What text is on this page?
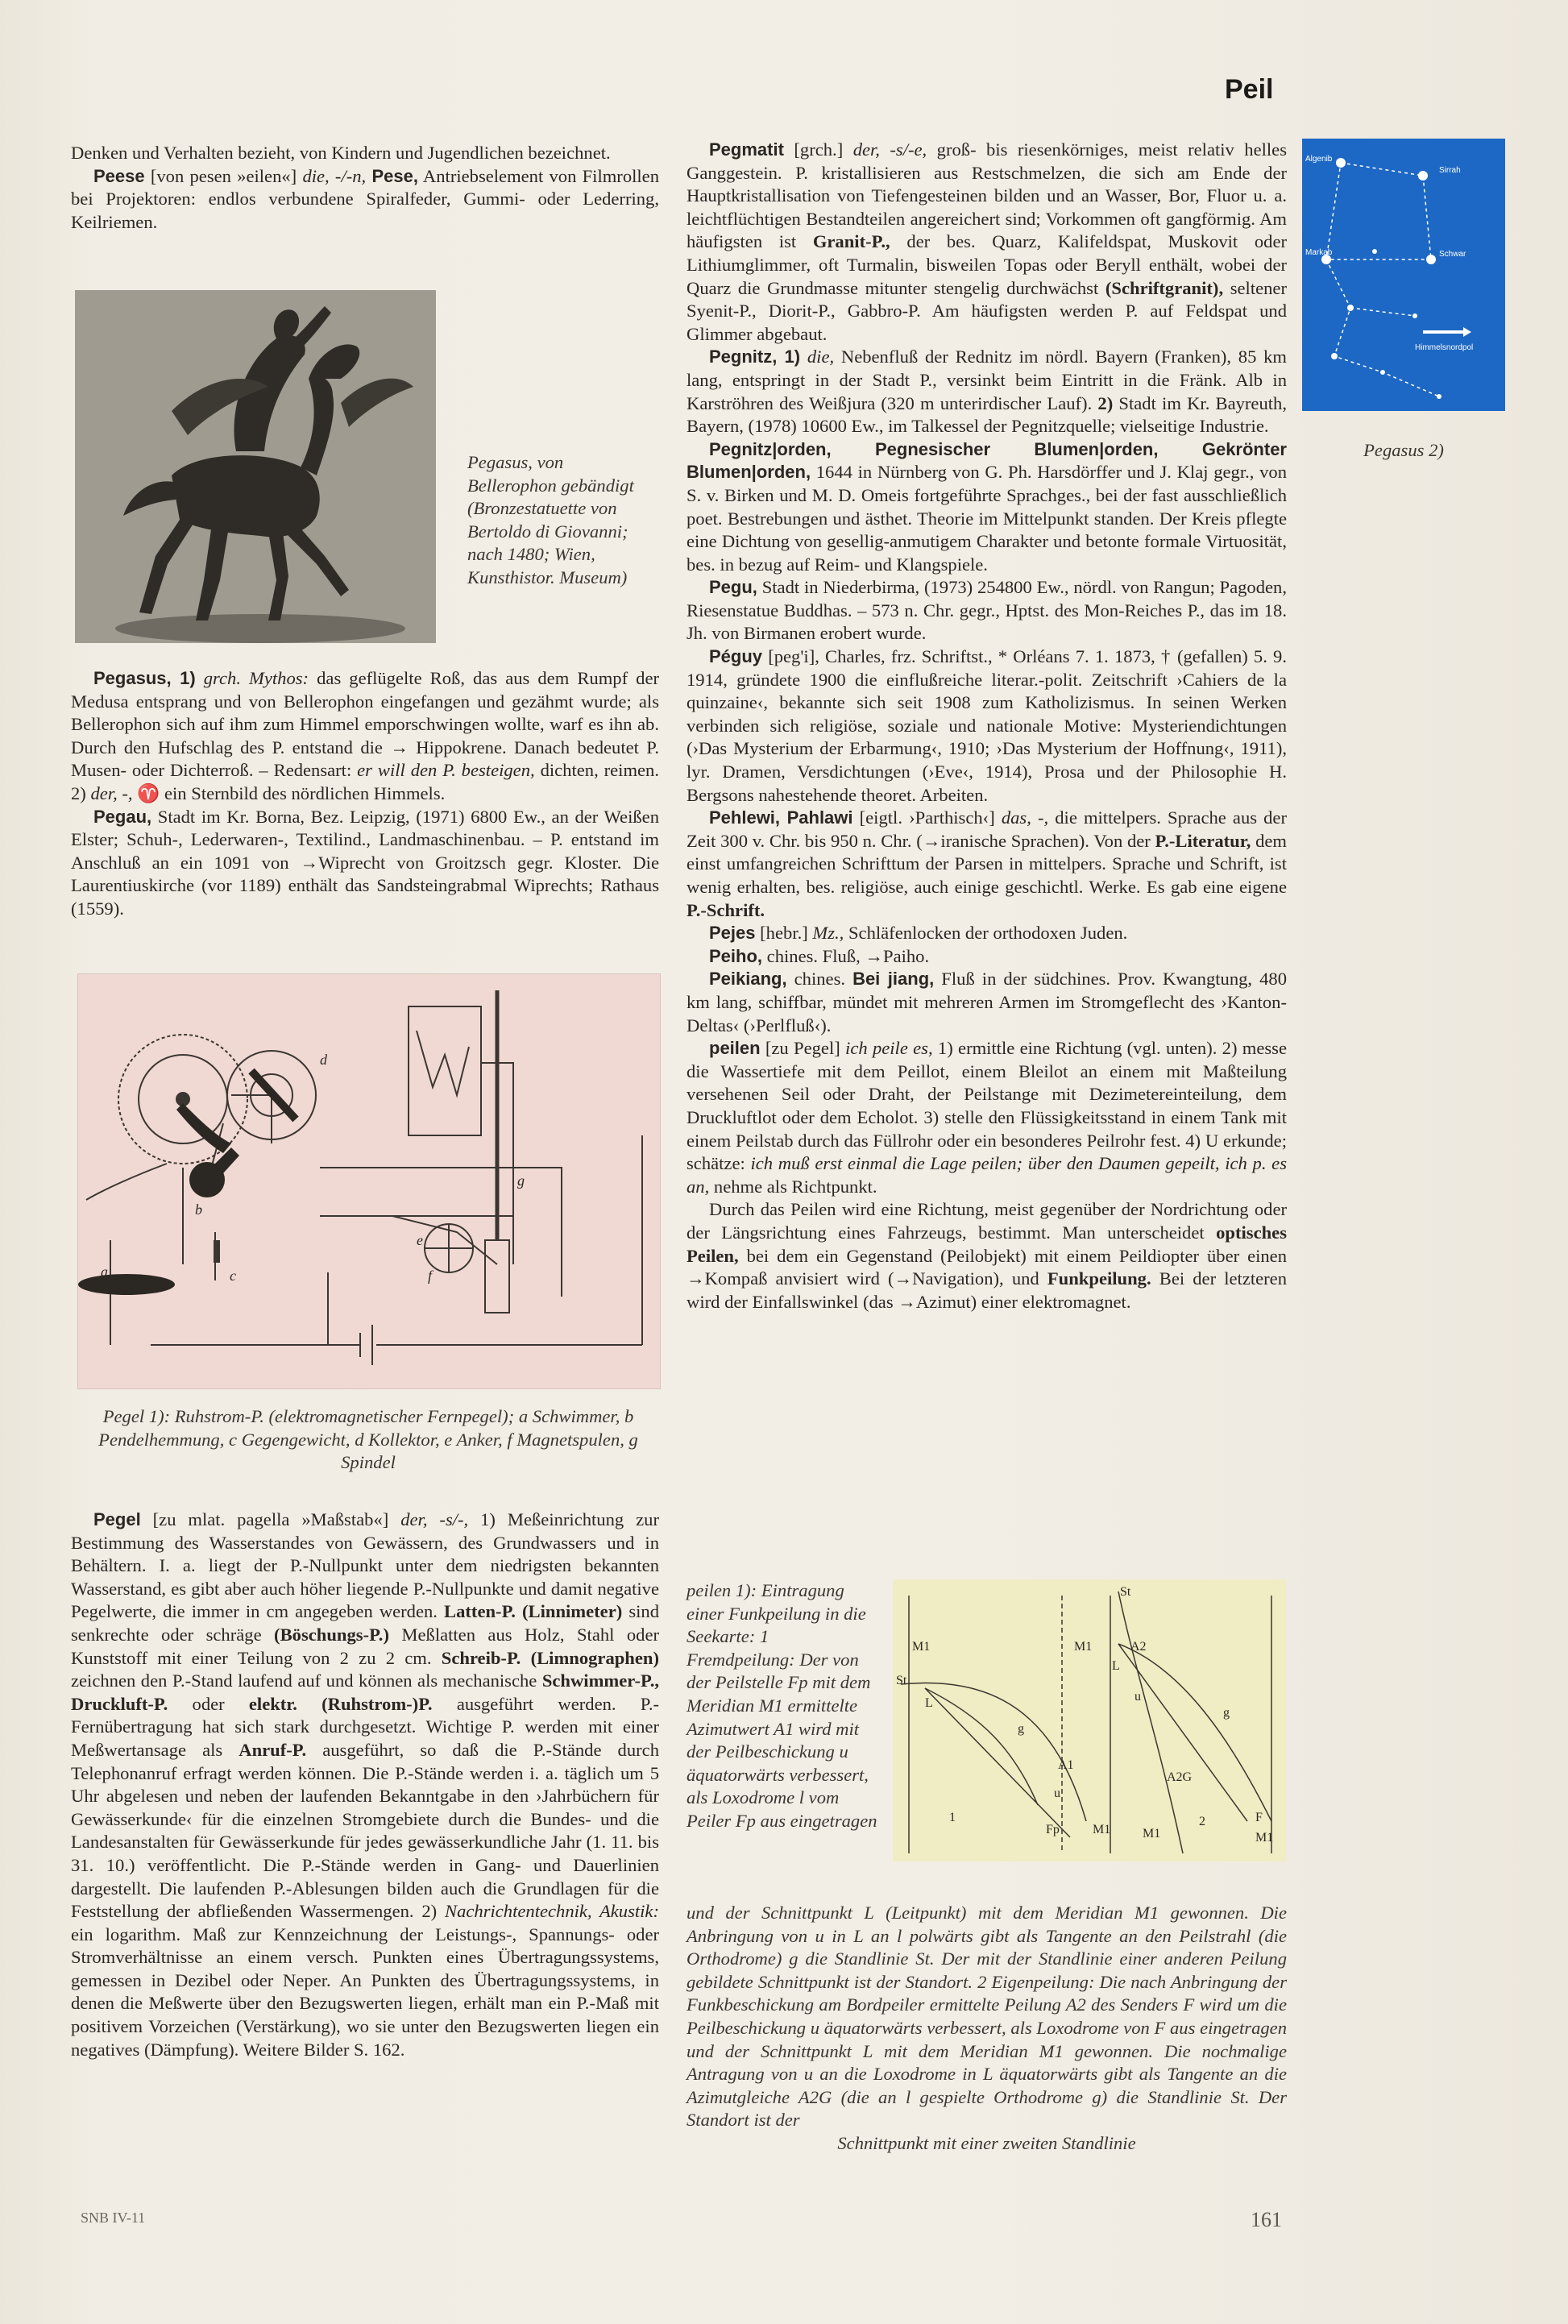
Peil

Denken und Verhalten bezieht, von Kindern und Jugendlichen bezeichnet.

Peese [von pesen »eilen«] die, -/-n, Pese, Antriebselement von Filmrollen bei Projektoren: endlos verbundene Spiralfeder, Gummi- oder Lederring, Keilriemen.

Pegasus, von Bellerophon gebändigt (Bronzestatuette von Bertoldo di Giovanni; nach 1480; Wien, Kunsthistor. Museum)

Pegasus, 1) grch. Mythos: das geflügelte Roß, das aus dem Rumpf der Medusa entsprang und von Bellerophon eingefangen und gezähmt wurde; als Bellerophon sich auf ihm zum Himmel emporschwingen wollte, warf es ihn ab. Durch den Hufschlag des P. entstand die → Hippokrene. Danach bedeutet P. Musen- oder Dichterroß. – Redensart: er will den P. besteigen, dichten, reimen. 2) der, -, ♈ ein Sternbild des nördlichen Himmels.

Pegau, Stadt im Kr. Borna, Bez. Leipzig, (1971) 6800 Ew., an der Weißen Elster; Schuh-, Lederwaren-, Textilind., Landmaschinenbau. – P. entstand im Anschluß an ein 1091 von →Wiprecht von Groitzsch gegr. Kloster. Die Laurentiuskirche (vor 1189) enthält das Sandsteingrabmal Wiprechts; Rathaus (1559).

a
b
c
d
e
f
g
Pegel 1): Ruhstrom-P. (elektromagnetischer Fernpegel); a Schwimmer, b Pendelhemmung, c Gegengewicht, d Kollektor, e Anker, f Magnetspulen, g Spindel

Pegel [zu mlat. pagella »Maßstab«] der, -s/-, 1) Meßeinrichtung zur Bestimmung des Wasserstandes von Gewässern, des Grundwassers und in Behältern. I. a. liegt der P.-Nullpunkt unter dem niedrigsten bekannten Wasserstand, es gibt aber auch höher liegende P.-Nullpunkte und damit negative Pegelwerte, die immer in cm angegeben werden. Latten-P. (Linnimeter) sind senkrechte oder schräge (Böschungs-P.) Meßlatten aus Holz, Stahl oder Kunststoff mit einer Teilung von 2 zu 2 cm. Schreib-P. (Limnographen) zeichnen den P.-Stand laufend auf und können als mechanische Schwimmer-P., Druckluft-P. oder elektr. (Ruhstrom-)P. ausgeführt werden. P.-Fernübertragung hat sich stark durchgesetzt. Wichtige P. werden mit einer Meßwertansage als Anruf-P. ausgeführt, so daß die P.-Stände durch Telephonanruf erfragt werden können. Die P.-Stände werden i. a. täglich um 5 Uhr abgelesen und neben der laufenden Bekanntgabe in den ›Jahrbüchern für Gewässerkunde‹ für die einzelnen Stromgebiete durch die Bundes- und die Landesanstalten für Gewässerkunde für jedes gewässerkundliche Jahr (1. 11. bis 31. 10.) veröffentlicht. Die P.-Stände werden in Gang- und Dauerlinien dargestellt. Die laufenden P.-Ablesungen bilden auch die Grundlagen für die Feststellung der abfließenden Wassermengen. 2) Nachrichtentechnik, Akustik: ein logarithm. Maß zur Kennzeichnung der Leistungs-, Spannungs- oder Stromverhältnisse an einem versch. Punkten eines Übertragungssystems, gemessen in Dezibel oder Neper. An Punkten des Übertragungssystems, in denen die Meßwerte über den Bezugswerten liegen, erhält man ein P.-Maß mit positivem Vorzeichen (Verstärkung), wo sie unter den Bezugswerten liegen ein negatives (Dämpfung). Weitere Bilder S. 162.

Pegmatit [grch.] der, -s/-e, groß- bis riesenkörniges, meist relativ helles Ganggestein. P. kristallisieren aus Restschmelzen, die sich am Ende der Hauptkristallisation von Tiefengesteinen bilden und an Wasser, Bor, Fluor u. a. leichtflüchtigen Bestandteilen angereichert sind; Vorkommen oft gangförmig. Am häufigsten ist Granit-P., der bes. Quarz, Kalifeldspat, Muskovit oder Lithiumglimmer, oft Turmalin, bisweilen Topas oder Beryll enthält, wobei der Quarz die Grundmasse mitunter stengelig durchwächst (Schriftgranit), seltener Syenit-P., Diorit-P., Gabbro-P. Am häufigsten werden P. auf Feldspat und Glimmer abgebaut.

Pegnitz, 1) die, Nebenfluß der Rednitz im nördl. Bayern (Franken), 85 km lang, entspringt in der Stadt P., versinkt beim Eintritt in die Fränk. Alb in Karströhren des Weißjura (320 m unterirdischer Lauf). 2) Stadt im Kr. Bayreuth, Bayern, (1978) 10600 Ew., im Talkessel der Pegnitzquelle; vielseitige Industrie.

Pegnitz|orden, Pegnesischer Blumen|orden, Gekrönter Blumen|orden, 1644 in Nürnberg von G. Ph. Harsdörffer und J. Klaj gegr., von S. v. Birken und M. D. Omeis fortgeführte Sprachges., bei der fast ausschließlich poet. Bestrebungen und ästhet. Theorie im Mittelpunkt standen. Der Kreis pflegte eine Dichtung von gesellig-anmutigem Charakter und betonte formale Virtuosität, bes. in bezug auf Reim- und Klangspiele.

Pegu, Stadt in Niederbirma, (1973) 254800 Ew., nördl. von Rangun; Pagoden, Riesenstatue Buddhas. – 573 n. Chr. gegr., Hptst. des Mon-Reiches P., das im 18. Jh. von Birmanen erobert wurde.

Péguy [peg'i], Charles, frz. Schriftst., * Orléans 7. 1. 1873, † (gefallen) 5. 9. 1914, gründete 1900 die einflußreiche literar.-polit. Zeitschrift ›Cahiers de la quinzaine‹, bekannte sich seit 1908 zum Katholizismus. In seinen Werken verbinden sich religiöse, soziale und nationale Motive: Mysteriendichtungen (›Das Mysterium der Erbarmung‹, 1910; ›Das Mysterium der Hoffnung‹, 1911), lyr. Dramen, Versdichtungen (›Eve‹, 1914), Prosa und der Philosophie H. Bergsons nahestehende theoret. Arbeiten.

Pehlewi, Pahlawi [eigtl. ›Parthisch‹] das, -, die mittelpers. Sprache aus der Zeit 300 v. Chr. bis 950 n. Chr. (→iranische Sprachen). Von der P.-Literatur, dem einst umfangreichen Schrifttum der Parsen in mittelpers. Sprache und Schrift, ist wenig erhalten, bes. religiöse, auch einige geschichtl. Werke. Es gab eine eigene P.-Schrift.

Pejes [hebr.] Mz., Schläfenlocken der orthodoxen Juden.

Peiho, chines. Fluß, →Paiho.

Peikiang, chines. Bei jiang, Fluß in der südchines. Prov. Kwangtung, 480 km lang, schiffbar, mündet mit mehreren Armen im Stromgeflecht des ›Kanton-Deltas‹ (›Perlfluß‹).

peilen [zu Pegel] ich peile es, 1) ermittle eine Richtung (vgl. unten). 2) messe die Wassertiefe mit dem Peillot, einem Bleilot an einem mit Maßteilung versehenen Seil oder Draht, der Peilstange mit Dezimetereinteilung, dem Druckluftlot oder dem Echolot. 3) stelle den Flüssigkeitsstand in einem Tank mit einem Peilstab durch das Füllrohr oder ein besonderes Peilrohr fest. 4) U erkunde; schätze: ich muß erst einmal die Lage peilen; über den Daumen gepeilt, ich p. es an, nehme als Richtpunkt.

Durch das Peilen wird eine Richtung, meist gegenüber der Nordrichtung oder der Längsrichtung eines Fahrzeugs, bestimmt. Man unterscheidet optisches Peilen, bei dem ein Gegenstand (Peilobjekt) mit einem Peildiopter über einen →Kompaß anvisiert wird (→Navigation), und Funkpeilung. Bei der letzteren wird der Einfallswinkel (das →Azimut) einer elektromagnet.

Algenib
Sirrah
Markab	Schwar
Himmelsnordpol
Pegasus 2)
peilen 1): Eintragung einer Funkpeilung in die Seekarte: 1 Fremdpeilung: Der von der Peilstelle Fp mit dem Meridian M1 ermittelte Azimutwert A1 wird mit der Peilbeschickung u äquatorwärts verbessert, als Loxodrome l vom Peiler Fp aus eingetragen
St
M1
L
g
A1
u
1
Fp	M1
St
M1	A2
L
u
g
A2G
2	F
M1	M1
und der Schnittpunkt L (Leitpunkt) mit dem Meridian M1 gewonnen. Die Anbringung von u in L an l polwärts gibt als Tangente an den Peilstrahl (die Orthodrome) g die Standlinie St. Der mit der Standlinie einer anderen Peilung gebildete Schnittpunkt ist der Standort. 2 Eigenpeilung: Die nach Anbringung der Funkbeschickung am Bordpeiler ermittelte Peilung A2 des Senders F wird um die Peilbeschickung u äquatorwärts verbessert, als Loxodrome von F aus eingetragen und der Schnittpunkt L mit dem Meridian M1 gewonnen. Die nochmalige Antragung von u an die Loxodrome in L äquatorwärts gibt als Tangente an die Azimutgleiche A2G (die an l gespielte Orthodrome g) die Standlinie St. Der Standort ist der
Schnittpunkt mit einer zweiten Standlinie
SNB IV-11	161
